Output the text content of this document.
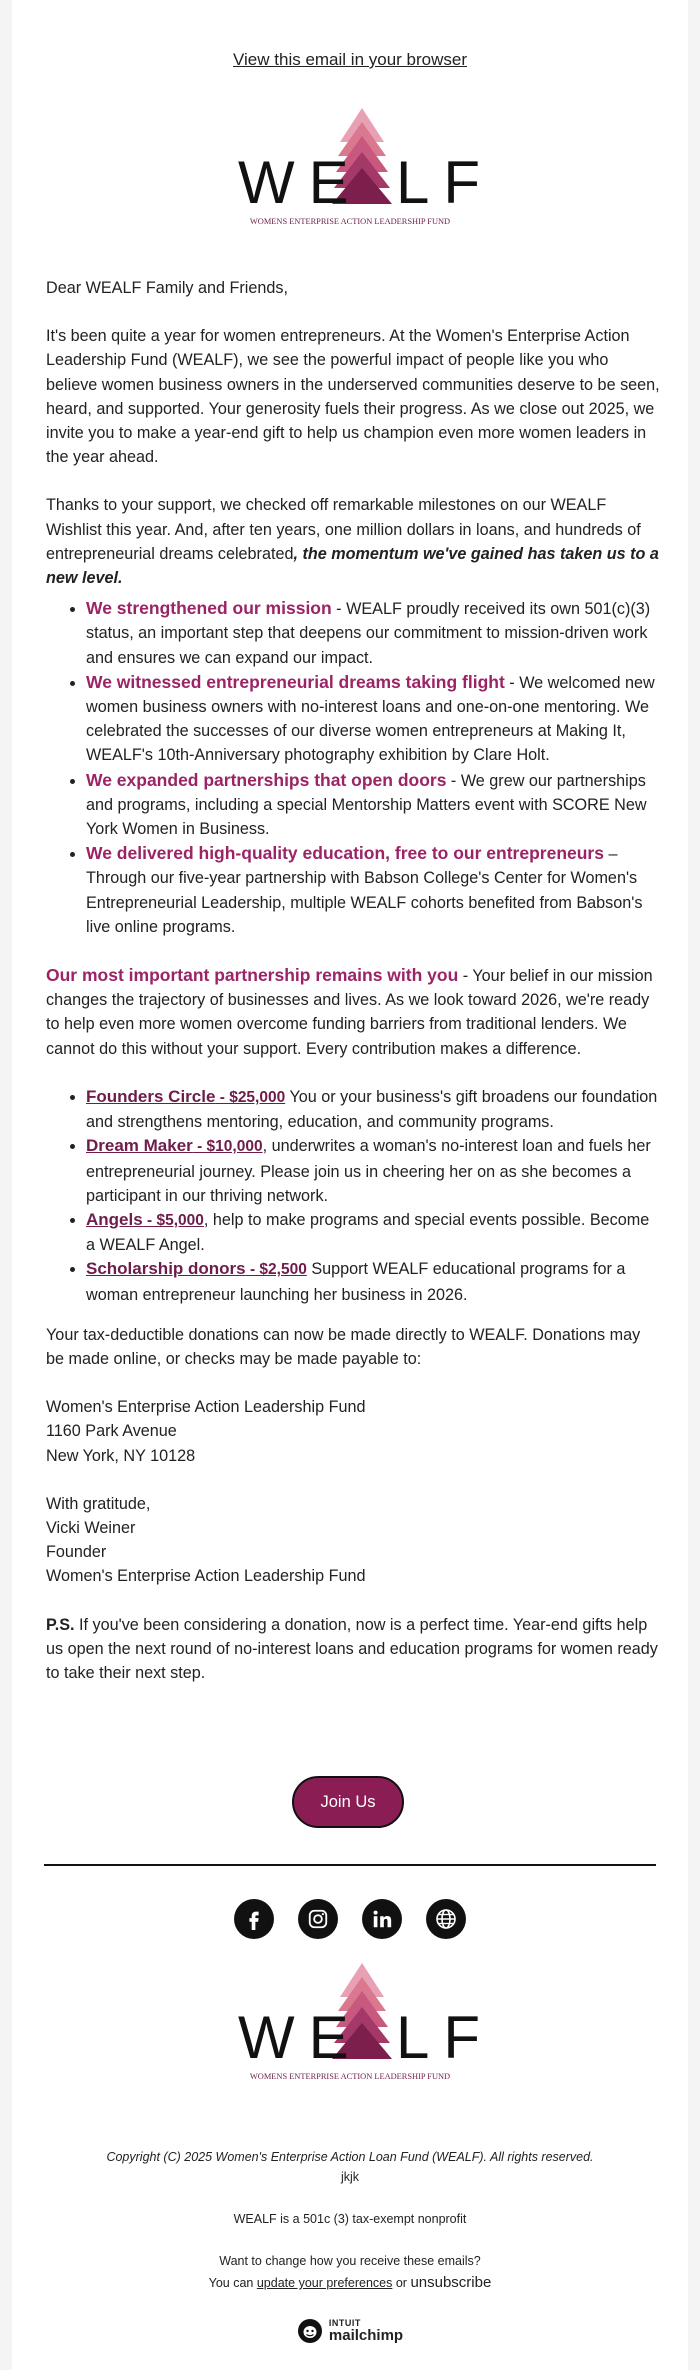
View this email in your browser
WE LF
WOMENS ENTERPRISE ACTION LEADERSHIP FUND

Dear WEALF Family and Friends,

It's been quite a year for women entrepreneurs. At the Women's Enterprise Action Leadership Fund (WEALF), we see the powerful impact of people like you who believe women business owners in the underserved communities deserve to be seen, heard, and supported. Your generosity fuels their progress. As we close out 2025, we invite you to make a year-end gift to help us champion even more women leaders in the year ahead.

Thanks to your support, we checked off remarkable milestones on our WEALF Wishlist this year. And, after ten years, one million dollars in loans, and hundreds of entrepreneurial dreams celebrated, the momentum we've gained has taken us to a new level.

• We strengthened our mission - WEALF proudly received its own 501(c)(3) status, an important step that deepens our commitment to mission-driven work and ensures we can expand our impact.
• We witnessed entrepreneurial dreams taking flight - We welcomed new women business owners with no-interest loans and one-on-one mentoring. We celebrated the successes of our diverse women entrepreneurs at Making It, WEALF's 10th-Anniversary photography exhibition by Clare Holt.
• We expanded partnerships that open doors - We grew our partnerships and programs, including a special Mentorship Matters event with SCORE New York Women in Business.
• We delivered high-quality education, free to our entrepreneurs – Through our five-year partnership with Babson College's Center for Women's Entrepreneurial Leadership, multiple WEALF cohorts benefited from Babson's live online programs.

Our most important partnership remains with you - Your belief in our mission changes the trajectory of businesses and lives. As we look toward 2026, we're ready to help even more women overcome funding barriers from traditional lenders. We cannot do this without your support. Every contribution makes a difference.

• Founders Circle - $25,000 You or your business's gift broadens our foundation and strengthens mentoring, education, and community programs.
• Dream Maker - $10,000, underwrites a woman's no-interest loan and fuels her entrepreneurial journey. Please join us in cheering her on as she becomes a participant in our thriving network.
• Angels - $5,000, help to make programs and special events possible. Become a WEALF Angel.
• Scholarship donors - $2,500 Support WEALF educational programs for a woman entrepreneur launching her business in 2026.

Your tax-deductible donations can now be made directly to WEALF. Donations may be made online, or checks may be made payable to:

Women's Enterprise Action Leadership Fund
1160 Park Avenue
New York, NY 10128

With gratitude,
Vicki Weiner
Founder
Women's Enterprise Action Leadership Fund

P.S. If you've been considering a donation, now is a perfect time. Year-end gifts help us open the next round of no-interest loans and education programs for women ready to take their next step.

Join Us
WE LF
WOMENS ENTERPRISE ACTION LEADERSHIP FUND
Copyright (C) 2025 Women's Enterprise Action Loan Fund (WEALF). All rights reserved.
jkjk
WEALF is a 501c (3) tax-exempt nonprofit
Want to change how you receive these emails?
You can update your preferences or unsubscribe
INTUIT
mailchimp
